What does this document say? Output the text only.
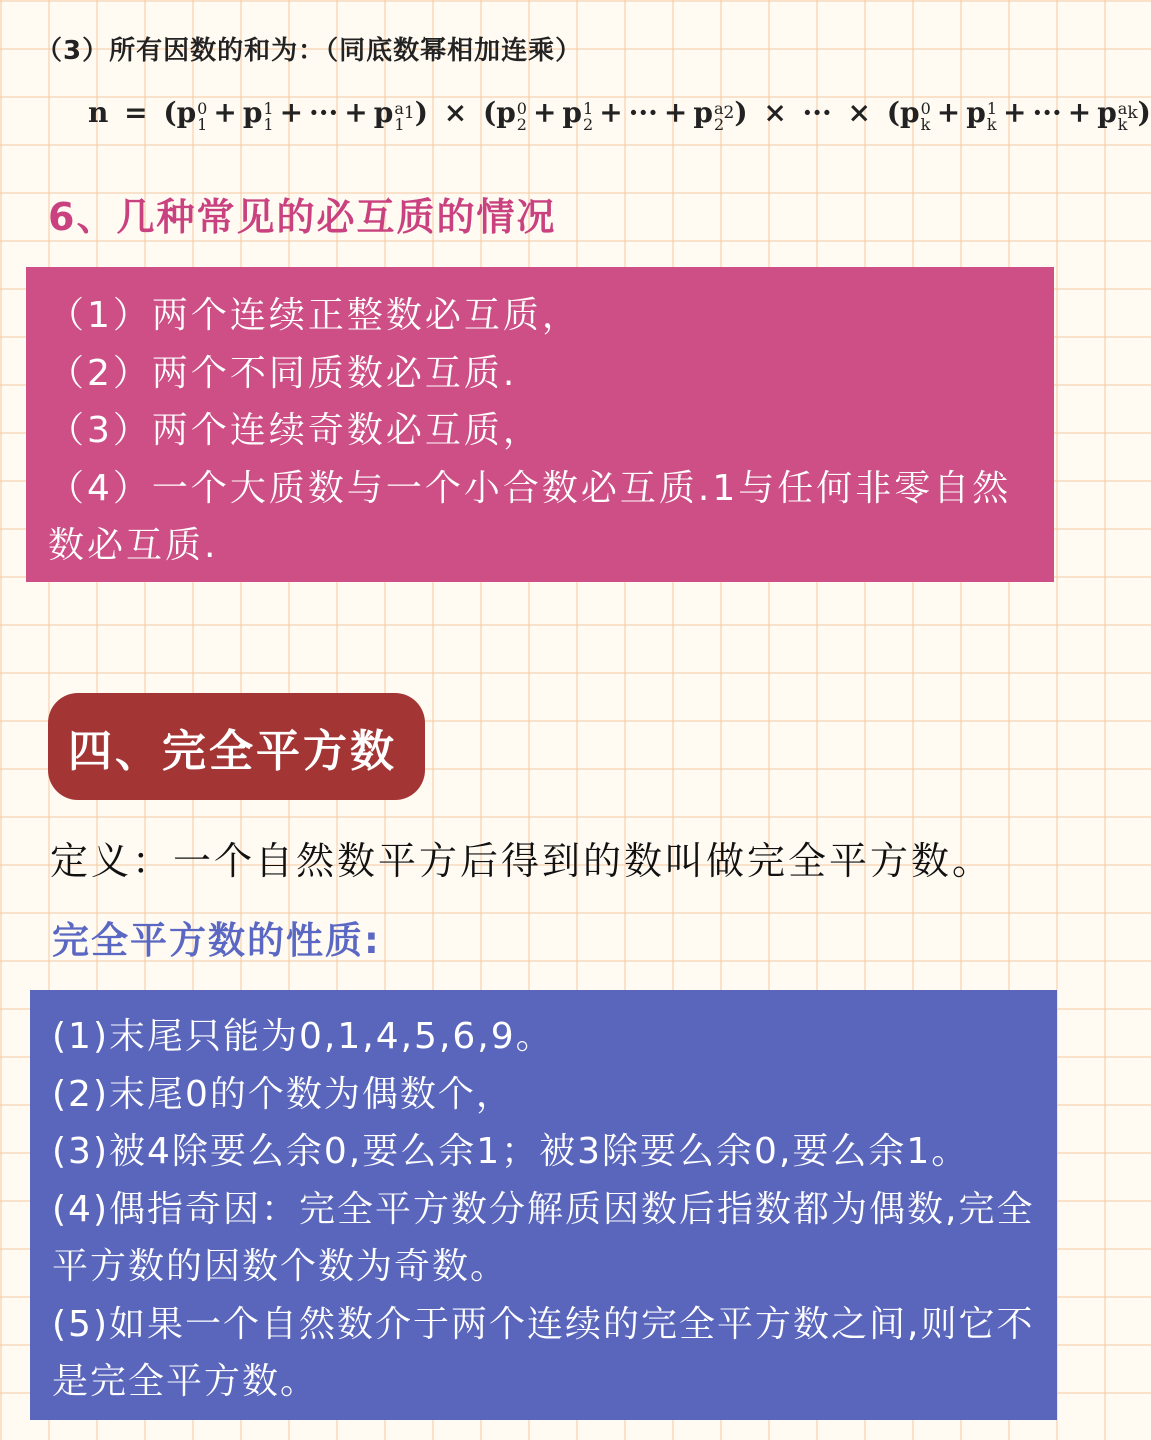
（3）所有因数的和为：（同底数幂相加连乘）
n = (p 0
1 + p 1
1 + ··· + p $a_1$
1 ) × (p 0
2 + p 1
2 + ··· + p $a_2$
2 ) × ··· × (p 0
k + p 1
k + ··· + p $a_k$
k )
6、几种常见的必互质的情况
（1）两个连续正整数必互质，
（2）两个不同质数必互质.
（3）两个连续奇数必互质，
（4）一个大质数与一个小合数必互质.1与任何非零自然数必互质.
四、完全平方数
定义：一个自然数平方后得到的数叫做完全平方数。
完全平方数的性质:
(1)末尾只能为0,1,4,5,6,9。
(2)末尾0的个数为偶数个，
(3)被4除要么余0,要么余1；被3除要么余0,要么余1。
(4)偶指奇因：完全平方数分解质因数后指数都为偶数,完全平方数的因数个数为奇数。
(5)如果一个自然数介于两个连续的完全平方数之间,则它不是完全平方数。
